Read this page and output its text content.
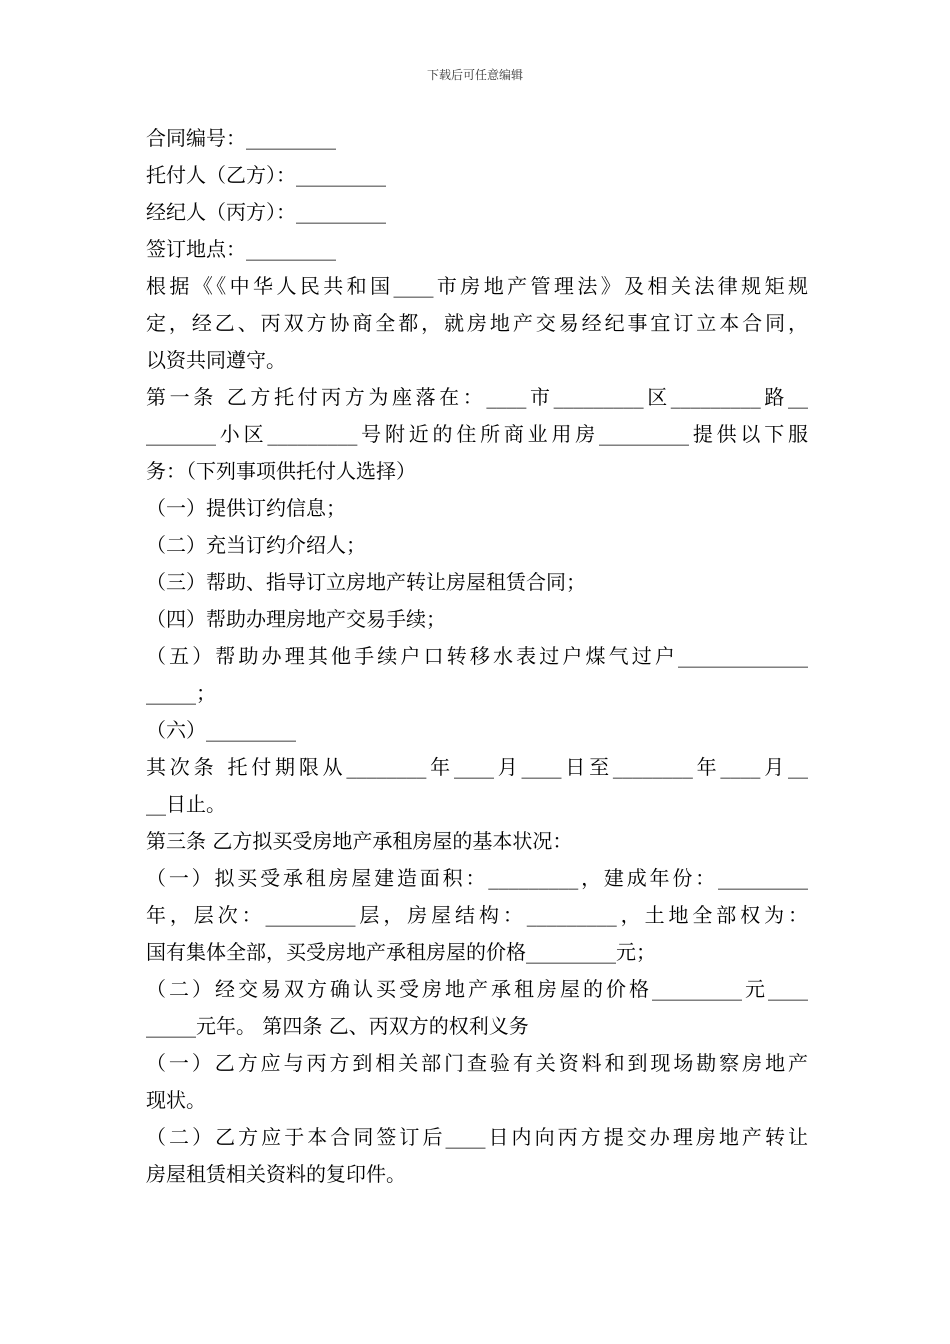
下载后可任意编辑
合同编号：_________
托付人（乙方）：_________
经纪人（丙方）：_________
签订地点：_________
根据《《中华人民共和国____市房地产管理法》及相关法律规矩规
定，经乙、丙双方协商全都，就房地产交易经纪事宜订立本合同，
以资共同遵守。
第一条 乙方托付丙方为座落在：____市_________区_________路__
_______小区_________号附近的住所商业用房_________提供以下服
务：（下列事项供托付人选择）
（一）提供订约信息；
（二）充当订约介绍人；
（三）帮助、指导订立房地产转让房屋租赁合同；
（四）帮助办理房地产交易手续；
（五）帮助办理其他手续户口转移水表过户煤气过户_____________
_____；
（六）_________
其次条 托付期限从________年____月____日至________年____月__
__日止。
第三条 乙方拟买受房地产承租房屋的基本状况：
（一）拟买受承租房屋建造面积：_________，建成年份：_________
年，层次：_________层，房屋结构：_________，土地全部权为：
国有集体全部，买受房地产承租房屋的价格_________元；
（二）经交易双方确认买受房地产承租房屋的价格_________元____
_____元年。 第四条 乙、丙双方的权利义务
（一）乙方应与丙方到相关部门查验有关资料和到现场勘察房地产
现状。
（二）乙方应于本合同签订后____日内向丙方提交办理房地产转让
房屋租赁相关资料的复印件。
